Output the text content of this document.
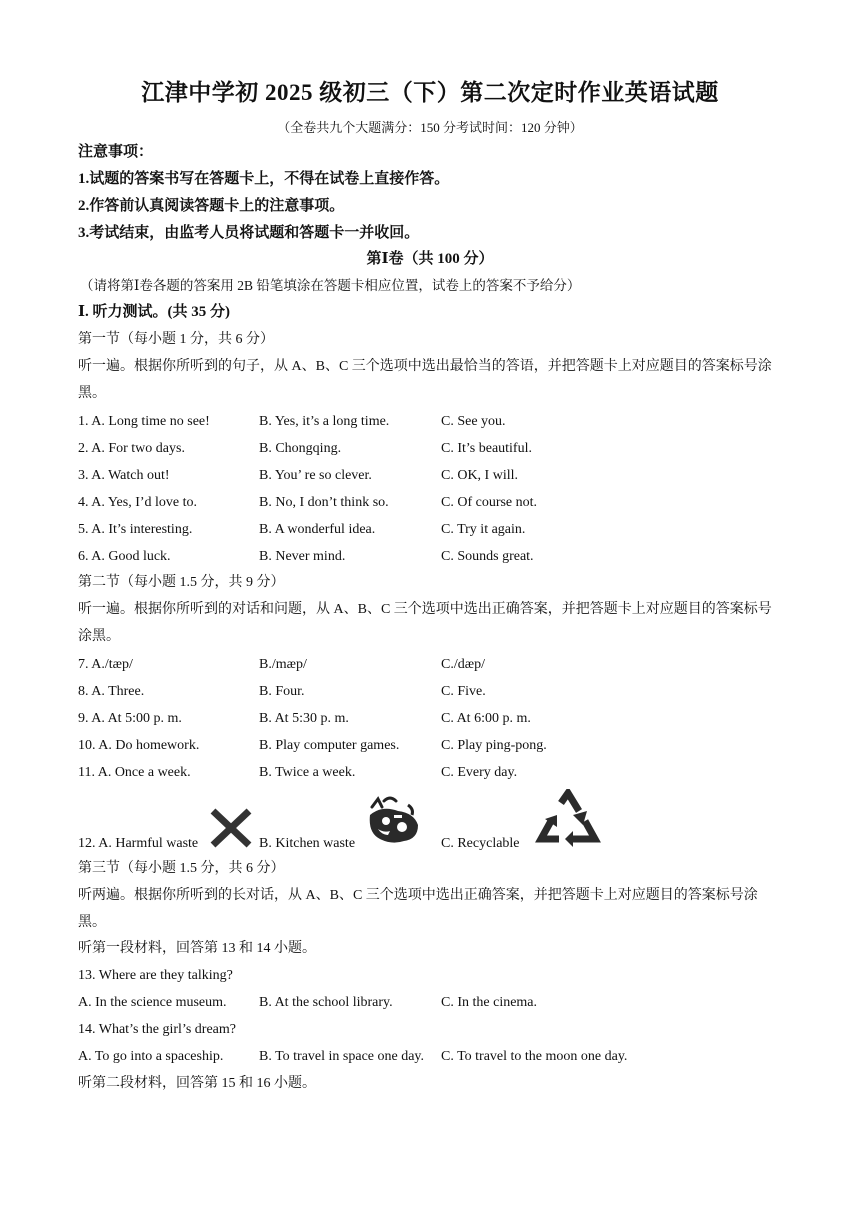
江津中学初 2025 级初三（下）第二次定时作业英语试题
（全卷共九个大题满分：150 分考试时间：120 分钟）
注意事项：
1.试题的答案书写在答题卡上，不得在试卷上直接作答。
2.作答前认真阅读答题卡上的注意事项。
3.考试结束，由监考人员将试题和答题卡一并收回。
第Ⅰ卷（共 100 分）
（请将第Ⅰ卷各题的答案用 2B 铅笔填涂在答题卡相应位置，试卷上的答案不予给分）
Ⅰ. 听力测试。(共 35 分)
第一节（每小题 1 分，共 6 分）
听一遍。根据你所听到的句子，从 A、B、C 三个选项中选出最恰当的答语，并把答题卡上对应题目的答案标号涂黑。
1. A. Long time no see!	B. Yes, it’s a long time.	C. See you.
2. A. For two days.	B. Chongqing.	C. It’s beautiful.
3. A. Watch out!	B. You’ re so clever.	C. OK, I will.
4. A. Yes, I’d love to.	B. No, I don’t think so.	C. Of course not.
5. A. It’s interesting.	B. A wonderful idea.	C. Try it again.
6. A. Good luck.	B. Never mind.	C. Sounds great.
第二节（每小题 1.5 分，共 9 分）
听一遍。根据你所听到的对话和问题，从 A、B、C 三个选项中选出正确答案，并把答题卡上对应题目的答案标号涂黑。
7. A./tæp/	B./mæp/	C./dæp/
8. A. Three.	B. Four.	C. Five.
9. A. At 5:00 p. m.	B. At 5:30 p. m.	C. At 6:00 p. m.
10. A. Do homework.	B. Play computer games.	C. Play ping-pong.
11. A. Once a week.	B. Twice a week.	C. Every day.
12. A. Harmful waste	B. Kitchen waste	C. Recyclable
第三节（每小题 1.5 分，共 6 分）
听两遍。根据你所听到的长对话，从 A、B、C 三个选项中选出正确答案，并把答题卡上对应题目的答案标号涂黑。
听第一段材料，回答第 13 和 14 小题。
13. Where are they talking?
A. In the science museum. B. At the school library.	C. In the cinema.
14. What’s the girl’s dream?
A. To go into a spaceship.	B. To travel in space one day. C. To travel to the moon one day.
听第二段材料，回答第 15 和 16 小题。
